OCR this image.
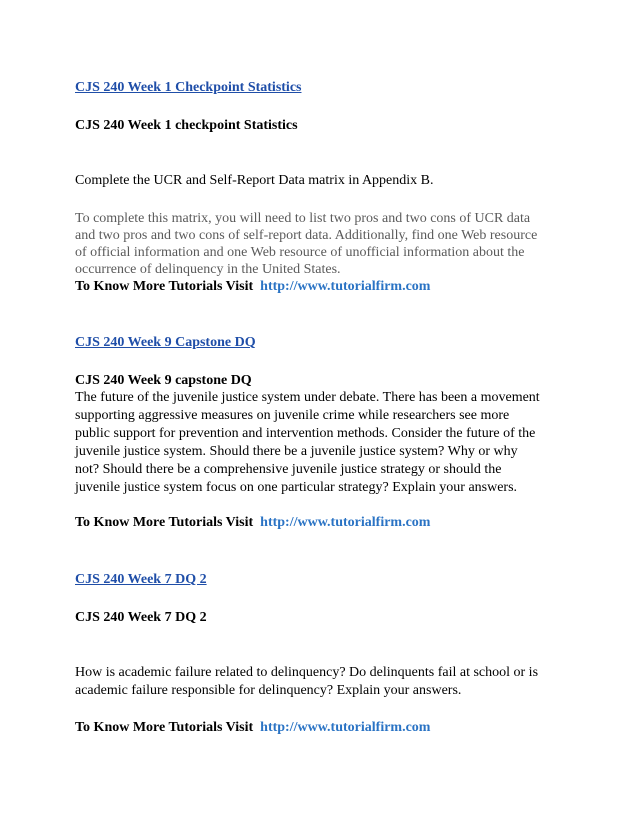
CJS 240 Week 1 Checkpoint Statistics
CJS 240 Week 1 checkpoint Statistics
Complete the UCR and Self-Report Data matrix in Appendix B.
To complete this matrix, you will need to list two pros and two cons of UCR data
and two pros and two cons of self-report data. Additionally, find one Web resource
of official information and one Web resource of unofficial information about the
occurrence of delinquency in the United States.
To Know More Tutorials Visit http://www.tutorialfirm.com
CJS 240 Week 9 Capstone DQ
CJS 240 Week 9 capstone DQ
The future of the juvenile justice system under debate. There has been a movement
supporting aggressive measures on juvenile crime while researchers see more
public support for prevention and intervention methods. Consider the future of the
juvenile justice system. Should there be a juvenile justice system? Why or why
not? Should there be a comprehensive juvenile justice strategy or should the
juvenile justice system focus on one particular strategy? Explain your answers.
To Know More Tutorials Visit http://www.tutorialfirm.com
CJS 240 Week 7 DQ 2
CJS 240 Week 7 DQ 2
How is academic failure related to delinquency? Do delinquents fail at school or is
academic failure responsible for delinquency? Explain your answers.
To Know More Tutorials Visit http://www.tutorialfirm.com
